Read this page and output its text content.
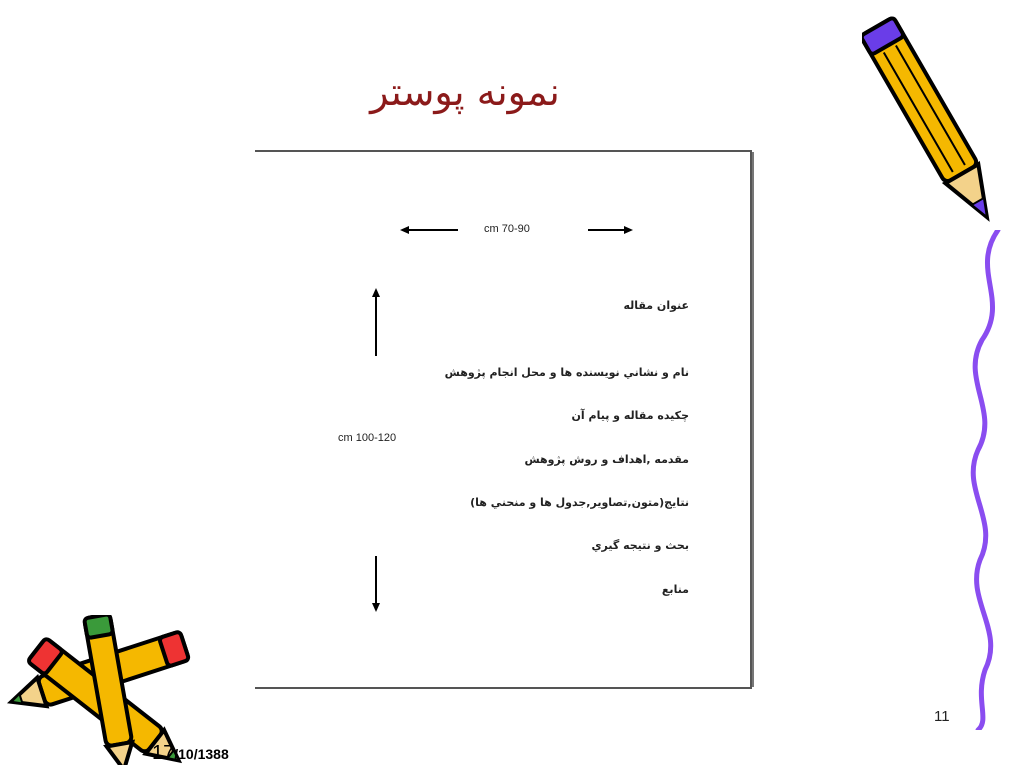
نمونه پوستر
cm 70-90
cm 100-120
عنوان مقاله
نام و نشاني نويسنده ها و محل انجام پژوهش
چکيده مقاله و پيام آن
مقدمه ,اهداف و روش پژوهش
نتايج(متون,تصاوير,جدول ها و منحني ها)
بحث و نتيجه گيري
منابع
11
17/10/1388
